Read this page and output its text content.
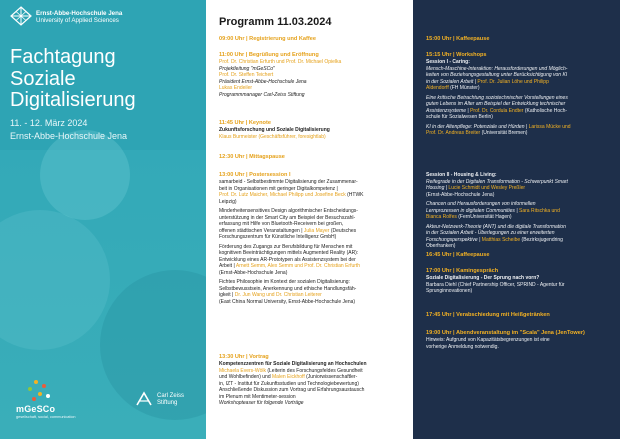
Ernst-Abbe-Hochschule Jena
University of Applied Sciences
Fachtagung
Soziale
Digitalisierung
11. - 12. März 2024
Ernst-Abbe-Hochschule Jena
mGeSCo
gesellschaft, social, communication
Carl Zeiss
Stiftung
Programm 11.03.2024
09:00 Uhr | Registrierung und Kaffee
11:00 Uhr | Begrüßung und Eröffnung
Prof. Dr. Christian Erfurth und Prof. Dr. Michael Opielka
Projektleitung "mGeSCo"
Prof. Dr. Steffen Teichert
Präsident Ernst-Abbe-Hochschule Jena
Lukas Endeiler
Programmmanager Carl-Zeiss Stiftung
11:45 Uhr | Keynote
Zukunftsforschung und Soziale Digitalisierung
Klaus Burmeister (Geschäftsführer, foresightlab)
12:30 Uhr | Mittagspause
13:00 Uhr | Postersession I
samarbeid - Selbstbestimmte Digitalisierung der Zusammenar-
beit in Organisationen mit geringer Digitalkompetenz |
Prof. Dr. Lutz Maicher, Michael Philipp und Josefine Beck (HTWK
Leipzig)
Minderheitensensitives Design algorithmischer Entscheidungs-
unterstützung in der Smart City am Beispiel der Besuchszahl-
erfassung mit Hilfe von Bluetooth-Receivern bei großen,
offenen städtischen Veranstaltungen | Julia Mayer (Deutsches
Forschungszentrum für Künstliche Intelligenz GmbH)
Förderung des Zugangs zur Berufsbildung für Menschen mit
kognitiven Beeinträchtigungen mittels Augmented Reality (AR):
Entwicklung eines AR-Prototypen als Assistenzsystem bei der
Arbeit | Arnett Semm, Alex Semm und Prof. Dr. Christian Erfurth
(Ernst-Abbe-Hochschule Jena)
Fichtes Philosophie im Kontext der sozialen Digitalisierung:
Selbstbewusstsein, Anerkennung und ethische Handlungsfäh-
igkeit | Dr. Jun Wang und Dr. Christian Leiterer
(East China Normal University, Ernst-Abbe-Hochschule Jena)
13:30 Uhr | Vortrag
Kompetenzzentren für Soziale Digitalisierung an Hochschulen
Michaela Evers-Wölk (Leiterin des Forschungsfeldes Gesundheit
und Wohlbefinden) und Malen Eickhoff (Juniorwissenschaftler-
in, IZT - Institut für Zukunftsstudien und Technologiebewertung)
Anschließende Diskussion zum Vortrag und Erfahrungsaustausch
im Plenum mit Mentimeter-session
Workshopteaser für folgende Vorträge
15:00 Uhr | Kaffeepause
15:15 Uhr | Workshops
Session I - Caring:
Mensch-Maschine-Interaktion: Herausforderungen und Möglich-
keiten von Beziehungsgestaltung unter Berücksichtigung von KI
in der Sozialen Arbeit | Prof. Dr. Julian Löhe und Philipp
Aldendorff (FH Münster)
Eine kritische Betrachtung soziotechnischer Vorstellungen eines
guten Lebens im Alter am Beispiel der Entwicklung technischer
Assistenzsysteme | Prof. Dr. Cordula Endter (Katholische Hoch-
schule für Sozialwesen Berlin)
KI in der Altenpflege: Potenziale und Hürden | Larissa Mücke und
Prof. Dr. Andreas Breiter (Universität Bremen)
Session II - Housing & Living:
Reifegrade in der Digitalen Transformation - Schwerpunkt Smart
Housing | Lucie Schmidt und Wesley Preßler
(Ernst-Abbe-Hochschule Jena)
Chancen und Herausforderungen von informellen
Lernprozessen in digitalen Communities | Sara Ritschka und
Bianca Rolfes (FernUniversität Hagen)
Akteur-Netzwerk-Theorie (ANT) und die digitale Transformation
in der Sozialen Arbeit - Überlegungen zu einer erweiterten
Forschungsperspektive | Matthias Scheibe (Bezirksjugendring
Oberfranken)
16:45 Uhr | Kaffeepause
17:00 Uhr | Kamingespräch
Soziale Digitalisierung - Der Sprung nach vorn?
Barbara Diehl (Chief Partnership Officer, SPRIND - Agentur für
Sprunginnovationen)
17:45 Uhr | Verabschiedung mit Heißgetränken
19:00 Uhr | Abendveranstaltung im "Scala" Jena (JenTower)
Hinweis: Aufgrund von Kapazitätsbegrenzungen ist eine
vorherige Anmeldung notwendig.
